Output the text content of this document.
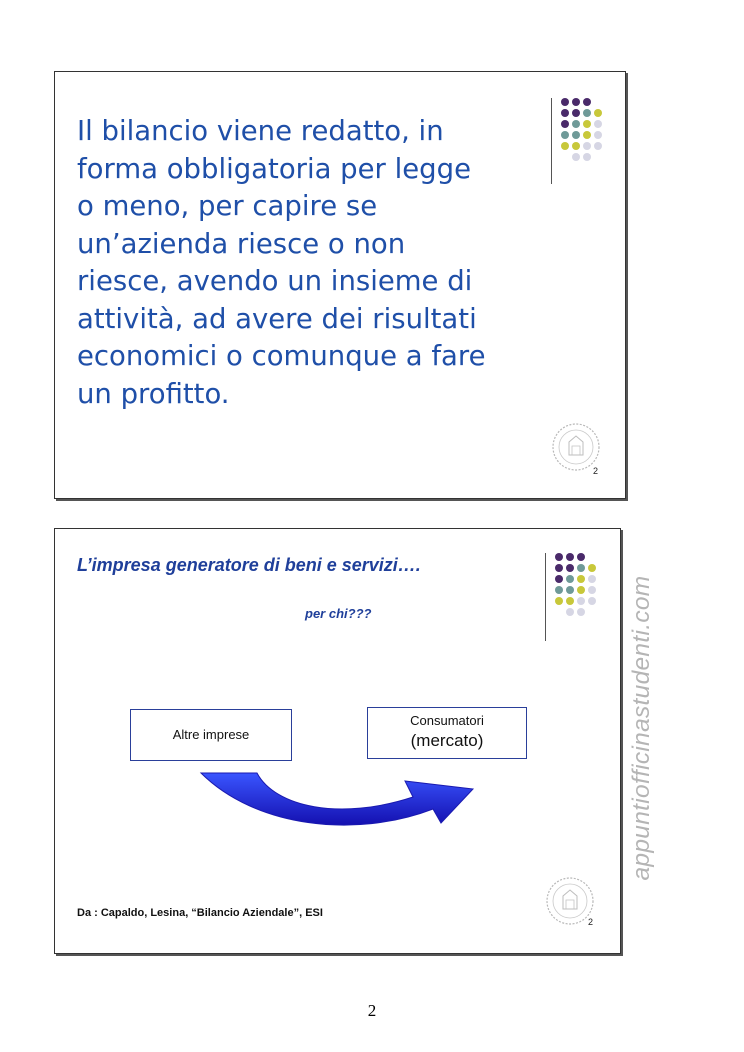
Il bilancio viene redatto, in
forma obbligatoria per legge
o meno, per capire se
un’azienda riesce o non
riesce, avendo un insieme di
attività, ad avere dei risultati
economici o comunque a fare
un profitto.

2
L’impresa generatore di beni e servizi….
per chi???
Altre imprese
Consumatori
(mercato)
Da : Capaldo, Lesina, “Bilancio Aziendale”, ESI
2
appuntiofficinastudenti.com
2
